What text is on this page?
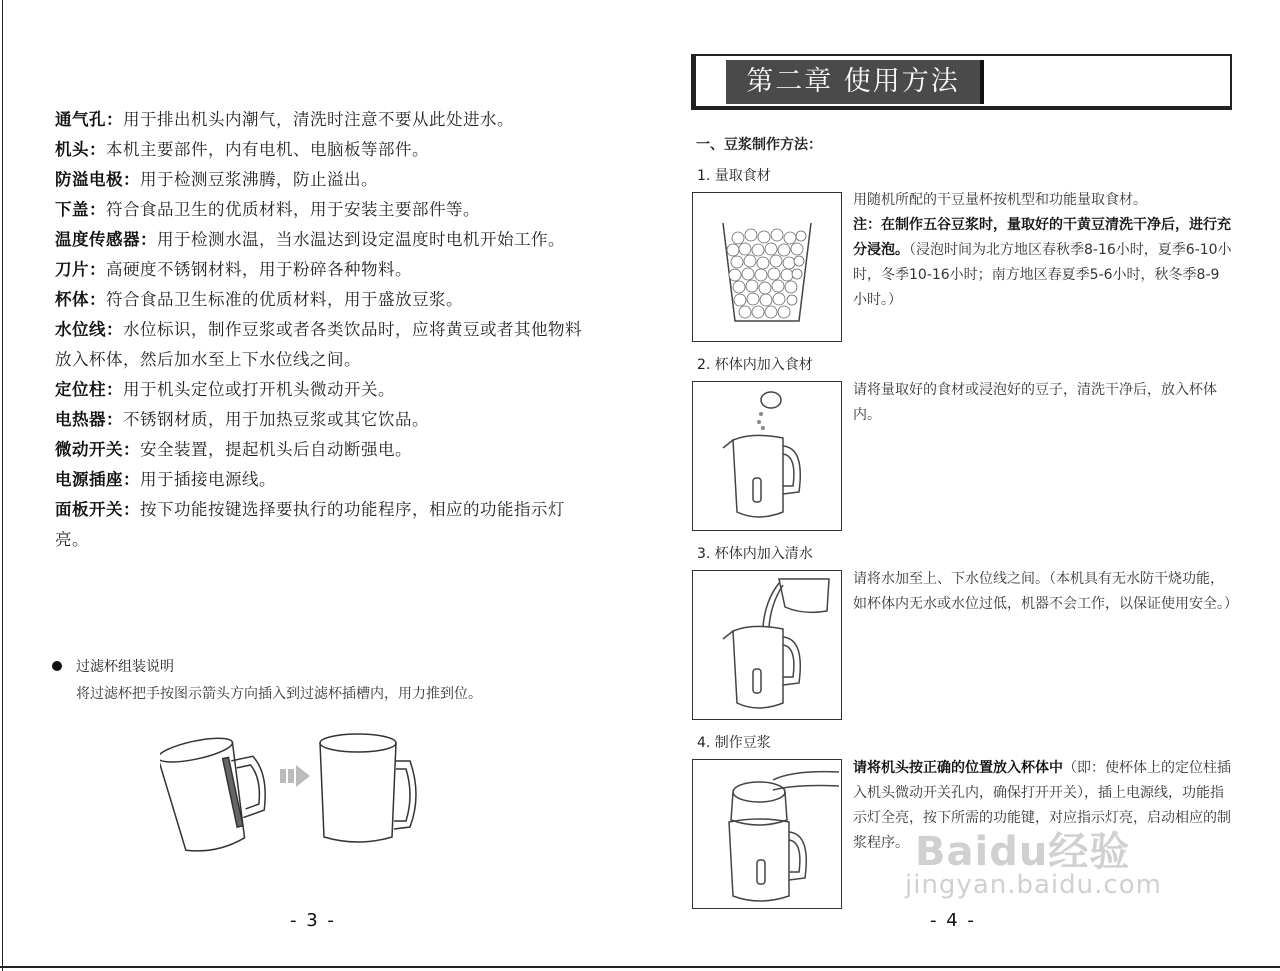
通气孔：用于排出机头内潮气，清洗时注意不要从此处进水。

机头：本机主要部件，内有电机、电脑板等部件。

防溢电极：用于检测豆浆沸腾，防止溢出。

下盖：符合食品卫生的优质材料，用于安装主要部件等。

温度传感器：用于检测水温，当水温达到设定温度时电机开始工作。

刀片：高硬度不锈钢材料，用于粉碎各种物料。

杯体：符合食品卫生标准的优质材料，用于盛放豆浆。

水位线：水位标识，制作豆浆或者各类饮品时，应将黄豆或者其他物料放入杯体，然后加水至上下水位线之间。

定位柱：用于机头定位或打开机头微动开关。

电热器：不锈钢材质，用于加热豆浆或其它饮品。

微动开关：安全装置，提起机头后自动断强电。

电源插座：用于插接电源线。

面板开关：按下功能按键选择要执行的功能程序，相应的功能指示灯亮。

过滤杯组装说明
将过滤杯把手按图示箭头方向插入到过滤杯插槽内，用力推到位。
- 3 -
第二章 使用方法
一、豆浆制作方法：
1. 量取食材
用随机所配的干豆量杯按机型和功能量取食材。
注：在制作五谷豆浆时，量取好的干黄豆清洗干净后，进行充分浸泡。（浸泡时间为北方地区春秋季8-16小时，夏季6-10小时，冬季10-16小时；南方地区春夏季5-6小时，秋冬季8-9小时。）
2. 杯体内加入食材
请将量取好的食材或浸泡好的豆子，清洗干净后，放入杯体内。
3. 杯体内加入清水
请将水加至上、下水位线之间。（本机具有无水防干烧功能，如杯体内无水或水位过低，机器不会工作，以保证使用安全。）
4. 制作豆浆
请将机头按正确的位置放入杯体中（即：使杯体上的定位柱插入机头微动开关孔内，确保打开开关），插上电源线，功能指示灯全亮，按下所需的功能键，对应指示灯亮，启动相应的制浆程序。
- 4 -
Baidu经验
jingyan.baidu.com
